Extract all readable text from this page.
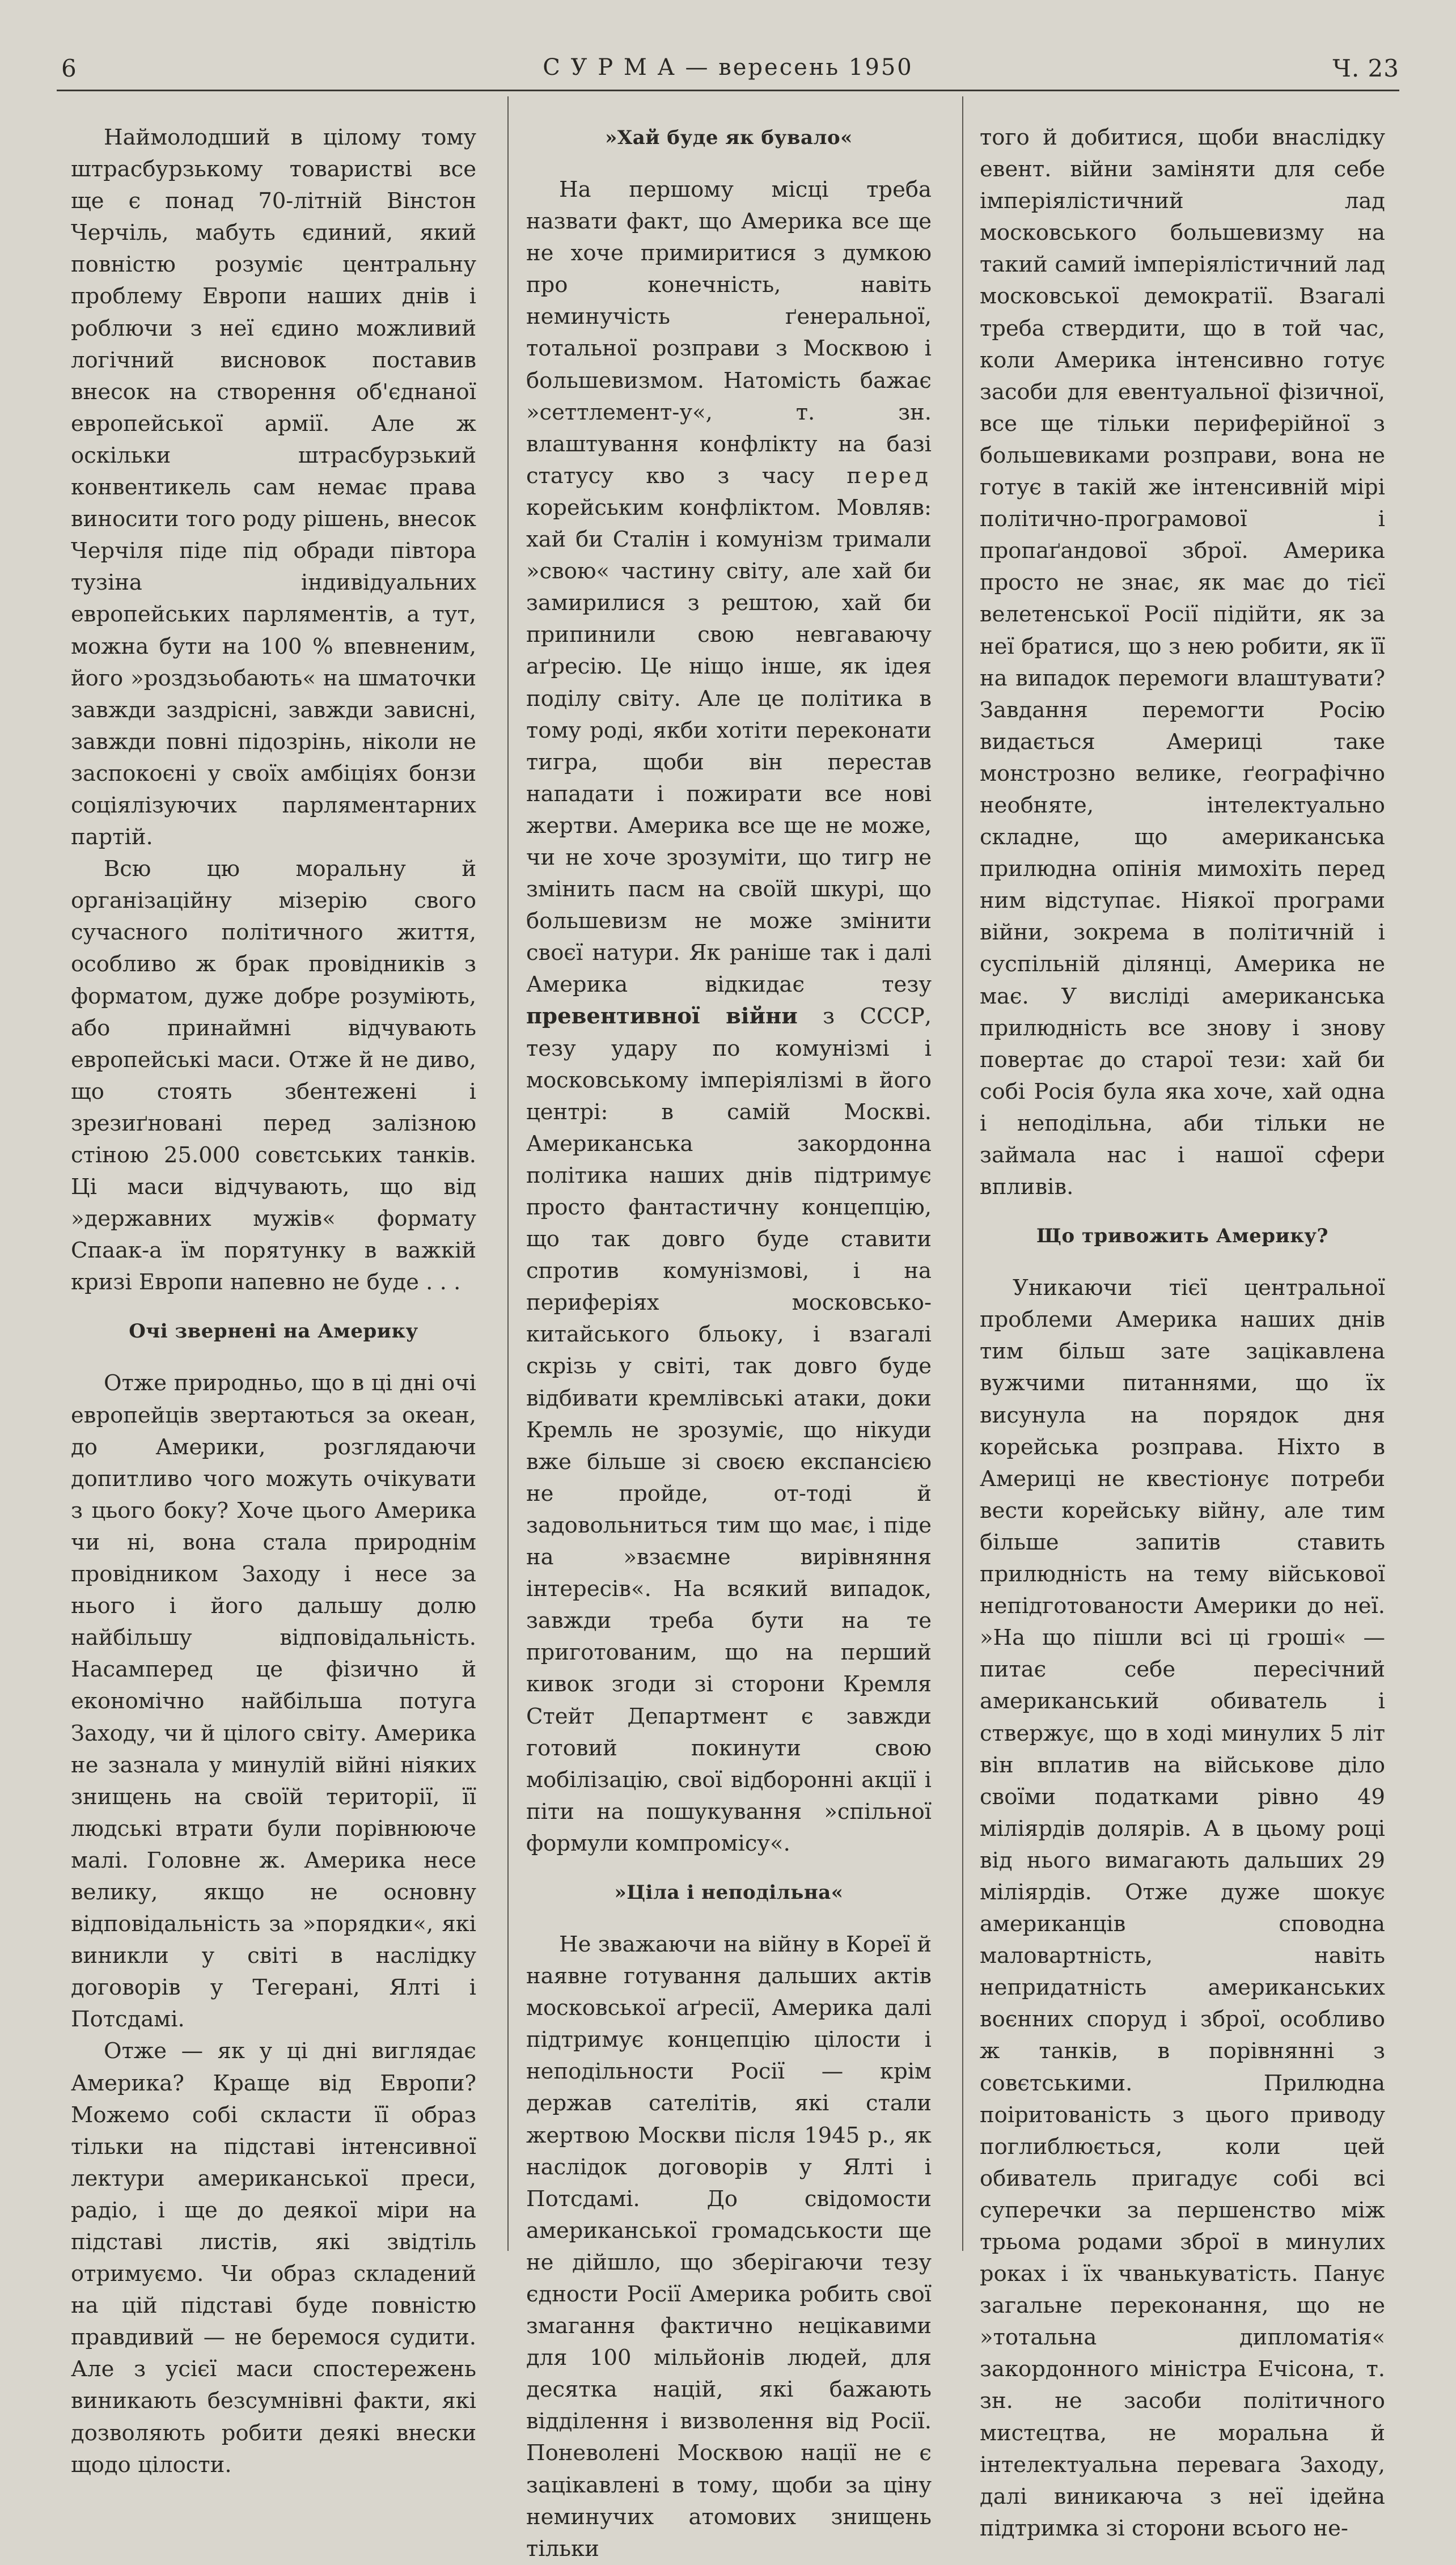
6	С У Р М А — вересень 1950	Ч. 23

Наймолодший в цілому тому штрасбурзькому товаристві все ще є понад 70-літній Вінстон Черчіль, мабуть єдиний, який повністю розуміє центральну проблему Европи наших днів і роблючи з неї єдино можливий логічний висновок поставив внесок на створення об'єднаної европейської армії. Але ж оскільки штрасбурзький конвентикель сам немає права виносити того роду рішень, внесок Черчіля піде під обради півтора тузіна індивідуальних европейських парляментів, а тут, можна бути на 100 % впевненим, його »роздзьобають« на шматочки завжди заздрісні, завжди зависні, завжди повні підозрінь, ніколи не заспокоєні у своїх амбіціях бонзи соціялізуючих парляментарних партій.

Всю цю моральну й організаційну мізерію свого сучасного політичного життя, особливо ж брак провідників з форматом, дуже добре розуміють, або принаймні відчувають европейські маси. Отже й не диво, що стоять збентежені і зрезиґновані перед залізною стіною 25.000 совєтських танків. Ці маси відчувають, що від »державних мужів« формату Спаак-а їм порятунку в важкій кризі Европи напевно не буде . . .

Очі звернені на Америку

Отже природньо, що в ці дні очі европейців звертаються за океан, до Америки, розглядаючи допитливо чого можуть очікувати з цього боку? Хоче цього Америка чи ні, вона стала природнім провідником Заходу і несе за нього і його дальшу долю найбільшу відповідальність. Насамперед це фізично й економічно найбільша потуга Заходу, чи й цілого світу. Америка не зазнала у минулій війні ніяких знищень на своїй території, її людські втрати були порівнююче малі. Головне ж. Америка несе велику, якщо не основну відповідальність за »порядки«, які виникли у світі в наслідку договорів у Тегерані, Ялті і Потсдамі.

Отже — як у ці дні виглядає Америка? Краще від Европи? Можемо собі скласти її образ тільки на підставі інтенсивної лектури американської преси, радіо, і ще до деякої міри на підставі листів, які звідтіль отримуємо. Чи образ складений на цій підставі буде повністю правдивий — не беремося судити. Але з усієї маси спостережень виникають безсумнівні факти, які дозволяють робити деякі внески щодо цілости.

»Хай буде як бувало«

На першому місці треба назвати факт, що Америка все ще не хоче примиритися з думкою про конечність, навіть неминучість ґенеральної, тотальної розправи з Москвою і большевизмом. Натомість бажає »сеттлемент-у«, т. зн. влаштування конфлікту на базі статусу кво з часу перед корейським конфліктом. Мовляв: хай би Сталін і комунізм тримали »свою« частину світу, але хай би замирилися з рештою, хай би припинили свою невгаваючу аґресію. Це ніщо інше, як ідея поділу світу. Але це політика в тому роді, якби хотіти переконати тигра, щоби він перестав нападати і пожирати все нові жертви. Америка все ще не може, чи не хоче зрозуміти, що тигр не змінить пасм на своїй шкурі, що большевизм не може змінити своєї натури. Як раніше так і далі Америка відкидає тезу превентивної війни з СССР, тезу удару по комунізмі і московському імперіялізмі в його центрі: в самій Москві. Американська закордонна політика наших днів підтримує просто фантастичну концепцію, що так довго буде ставити спротив комунізмові, і на периферіях московсько-китайського бльоку, і взагалі скрізь у світі, так довго буде відбивати кремлівські атаки, доки Кремль не зрозуміє, що нікуди вже більше зі своєю експансією не пройде, от-тоді й задовольниться тим що має, і піде на »взаємне вирівняння інтересів«. На всякий випадок, завжди треба бути на те приготованим, що на перший кивок згоди зі сторони Кремля Стейт Департмент є завжди готовий покинути свою мобілізацію, свої відборонні акції і піти на пошукування »спільної формули компромісу«.

»Ціла і неподільна«

Не зважаючи на війну в Кореї й наявне готування дальших актів московської аґресії, Америка далі підтримує концепцію цілости і неподільности Росії — крім держав сателітів, які стали жертвою Москви після 1945 р., як наслідок договорів у Ялті і Потсдамі. До свідомости американської громадськости ще не дійшло, що зберігаючи тезу єдности Росії Америка робить свої змагання фактично нецікавими для 100 мільйонів людей, для десятка націй, які бажають відділення і визволення від Росії. Поневолені Москвою нації не є зацікавлені в тому, щоби за ціну неминучих атомових знищень тільки

того й добитися, щоби внаслідку евент. війни заміняти для себе імперіялістичний лад московського большевизму на такий самий імперіялістичний лад московської демократії. Взагалі треба ствердити, що в той час, коли Америка інтенсивно готує засоби для евентуальної фізичної, все ще тільки периферійної з большевиками розправи, вона не готує в такій же інтенсивній мірі політично-програмової і пропаґандової зброї. Америка просто не знає, як має до тієї велетенської Росії підійти, як за неї братися, що з нею робити, як її на випадок перемоги влаштувати? Завдання перемогти Росію видається Америці таке монстрозно велике, ґеографічно необняте, інтелектуально складне, що американська прилюдна опінія мимохіть перед ним відступає. Ніякої програми війни, зокрема в політичній і суспільній ділянці, Америка не має. У висліді американська прилюдність все знову і знову повертає до старої тези: хай би собі Росія була яка хоче, хай одна і неподільна, аби тільки не займала нас і нашої сфери впливів.

Що тривожить Америку?

Уникаючи тієї центральної проблеми Америка наших днів тим більш зате зацікавлена вужчими питаннями, що їх висунула на порядок дня корейська розправа. Ніхто в Америці не квестіонує потреби вести корейську війну, але тим більше запитів ставить прилюдність на тему військової непідготованости Америки до неї. »На що пішли всі ці гроші« — питає себе пересічний американський обиватель і ствержує, що в ході минулих 5 літ він вплатив на військове діло своїми податками рівно 49 міліярдів долярів. А в цьому році від нього вимагають дальших 29 міліярдів. Отже дуже шокує американців споводна маловартність, навіть непридатність американських воєнних споруд і зброї, особливо ж танків, в порівнянні з совєтськими. Прилюдна поіритованість з цього приводу поглиблюється, коли цей обиватель пригадує собі всі суперечки за першенство між трьома родами зброї в минулих роках і їх чванькуватість. Панує загальне переконання, що не »тотальна дипломатія« закордонного міністра Ечісона, т. зн. не засоби політичного мистецтва, не моральна й інтелектуальна перевага Заходу, далі виникаюча з неї ідейна підтримка зі сторони всього не-
